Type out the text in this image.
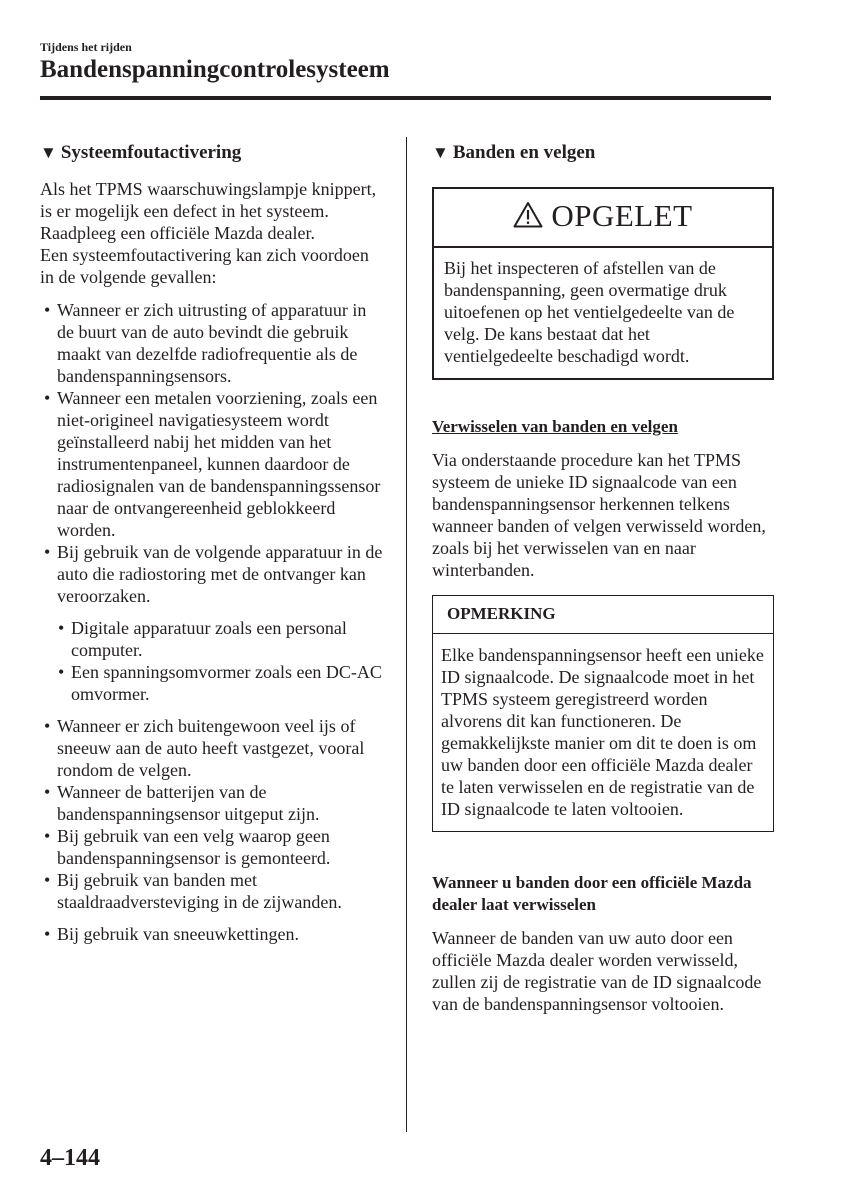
Tijdens het rijden
Bandenspanningcontrolesysteem
▼ Systeemfoutactivering

Als het TPMS waarschuwingslampje knippert, is er mogelijk een defect in het systeem. Raadpleeg een officiële Mazda dealer.

Een systeemfoutactivering kan zich voordoen in de volgende gevallen:

• Wanneer er zich uitrusting of apparatuur in de buurt van de auto bevindt die gebruik maakt van dezelfde radiofrequentie als de bandenspanningsensors.
• Wanneer een metalen voorziening, zoals een niet-origineel navigatiesysteem wordt geïnstalleerd nabij het midden van het instrumentenpaneel, kunnen daardoor de radiosignalen van de bandenspanningssensor naar de ontvangereenheid geblokkeerd worden.
• Bij gebruik van de volgende apparatuur in de auto die radiostoring met de ontvanger kan veroorzaken.
• Digitale apparatuur zoals een personal computer.
• Een spanningsomvormer zoals een DC-AC omvormer.
• Wanneer er zich buitengewoon veel ijs of sneeuw aan de auto heeft vastgezet, vooral rondom de velgen.
• Wanneer de batterijen van de bandenspanningsensor uitgeput zijn.
• Bij gebruik van een velg waarop geen bandenspanningsensor is gemonteerd.
• Bij gebruik van banden met staaldraadversteviging in de zijwanden.
• Bij gebruik van sneeuwkettingen.
▼ Banden en velgen
OPGELET
Bij het inspecteren of afstellen van de bandenspanning, geen overmatige druk uitoefenen op het ventielgedeelte van de velg. De kans bestaat dat het ventielgedeelte beschadigd wordt.
Verwisselen van banden en velgen

Via onderstaande procedure kan het TPMS systeem de unieke ID signaalcode van een bandenspanningsensor herkennen telkens wanneer banden of velgen verwisseld worden, zoals bij het verwisselen van en naar winterbanden.

OPMERKING
Elke bandenspanningsensor heeft een unieke ID signaalcode. De signaalcode moet in het TPMS systeem geregistreerd worden alvorens dit kan functioneren. De gemakkelijkste manier om dit te doen is om uw banden door een officiële Mazda dealer te laten verwisselen en de registratie van de ID signaalcode te laten voltooien.
Wanneer u banden door een officiële Mazda dealer laat verwisselen

Wanneer de banden van uw auto door een officiële Mazda dealer worden verwisseld, zullen zij de registratie van de ID signaalcode van de bandenspanningsensor voltooien.

4–144
